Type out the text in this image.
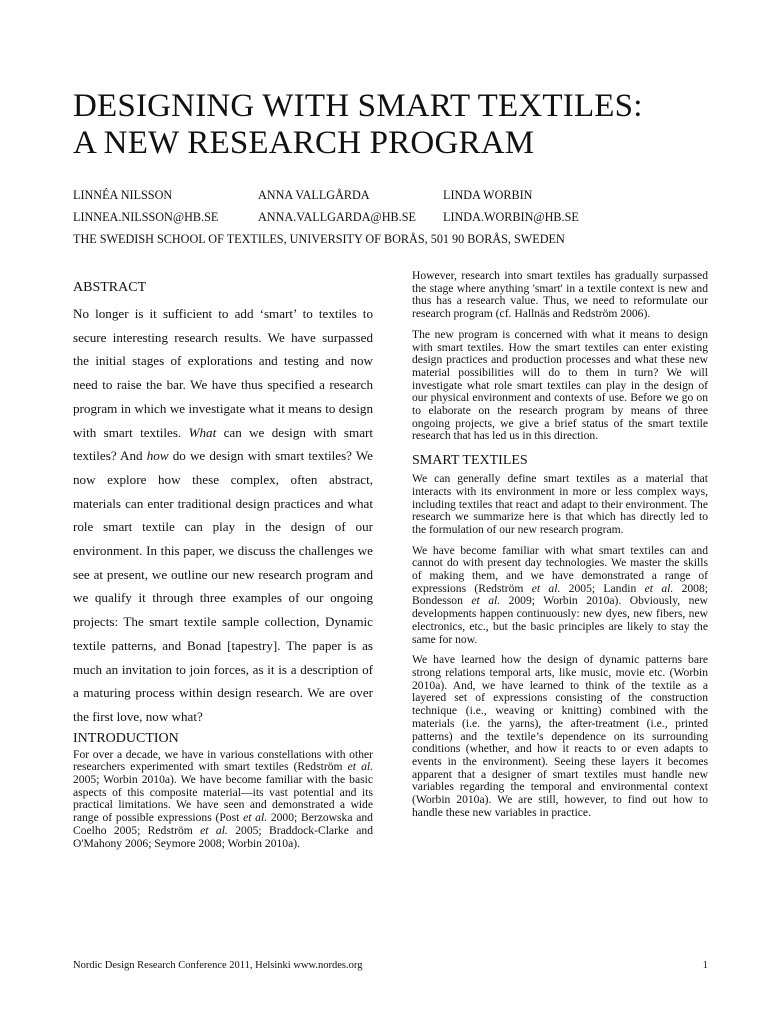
DESIGNING WITH SMART TEXTILES:
A NEW RESEARCH PROGRAM
LINNÉA NILSSON	ANNA VALLGÅRDA	LINDA WORBIN
LINNEA.NILSSON@HB.SE	ANNA.VALLGARDA@HB.SE	LINDA.WORBIN@HB.SE
THE SWEDISH SCHOOL OF TEXTILES, UNIVERSITY OF BORÅS, 501 90 BORÅS, SWEDEN
ABSTRACT

No longer is it sufficient to add ‘smart’ to textiles to secure interesting research results. We have surpassed the initial stages of explorations and testing and now need to raise the bar. We have thus specified a research program in which we investigate what it means to design with smart textiles. What can we design with smart textiles? And how do we design with smart textiles? We now explore how these complex, often abstract, materials can enter traditional design practices and what role smart textile can play in the design of our environment. In this paper, we discuss the challenges we see at present, we outline our new research program and we qualify it through three examples of our ongoing projects: The smart textile sample collection, Dynamic textile patterns, and Bonad [tapestry]. The paper is as much an invitation to join forces, as it is a description of a maturing process within design research. We are over the first love, now what?

INTRODUCTION

For over a decade, we have in various constellations with other researchers experimented with smart textiles (Redström et al. 2005; Worbin 2010a). We have become familiar with the basic aspects of this composite material—its vast potential and its practical limitations. We have seen and demonstrated a wide range of possible expressions (Post et al. 2000; Berzowska and Coelho 2005; Redström et al. 2005; Braddock-Clarke and O'Mahony 2006; Seymore 2008; Worbin 2010a).

However, research into smart textiles has gradually surpassed the stage where anything 'smart' in a textile context is new and thus has a research value. Thus, we need to reformulate our research program (cf. Hallnäs and Redström 2006).

The new program is concerned with what it means to design with smart textiles. How the smart textiles can enter existing design practices and production processes and what these new material possibilities will do to them in turn? We will investigate what role smart textiles can play in the design of our physical environment and contexts of use. Before we go on to elaborate on the research program by means of three ongoing projects, we give a brief status of the smart textile research that has led us in this direction.

SMART TEXTILES

We can generally define smart textiles as a material that interacts with its environment in more or less complex ways, including textiles that react and adapt to their environment. The research we summarize here is that which has directly led to the formulation of our new research program.

We have become familiar with what smart textiles can and cannot do with present day technologies. We master the skills of making them, and we have demonstrated a range of expressions (Redström et al. 2005; Landin et al. 2008; Bondesson et al. 2009; Worbin 2010a). Obviously, new developments happen continuously: new dyes, new fibers, new electronics, etc., but the basic principles are likely to stay the same for now.

We have learned how the design of dynamic patterns bare strong relations temporal arts, like music, movie etc. (Worbin 2010a). And, we have learned to think of the textile as a layered set of expressions consisting of the construction technique (i.e., weaving or knitting) combined with the materials (i.e. the yarns), the after-treatment (i.e., printed patterns) and the textile’s dependence on its surrounding conditions (whether, and how it reacts to or even adapts to events in the environment). Seeing these layers it becomes apparent that a designer of smart textiles must handle new variables regarding the temporal and environmental context (Worbin 2010a). We are still, however, to find out how to handle these new variables in practice.

Nordic Design Research Conference 2011, Helsinki www.nordes.org	1
